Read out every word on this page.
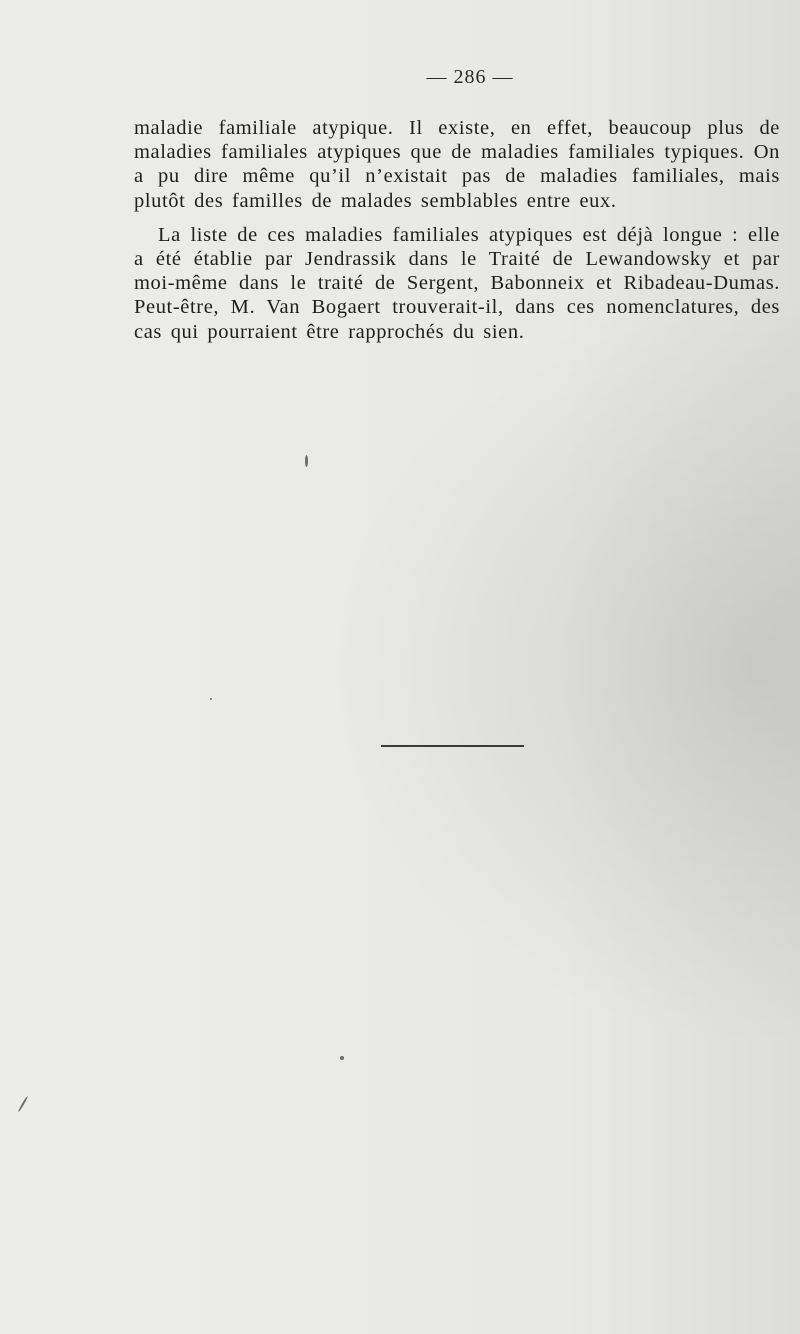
— 286 —

maladie familiale atypique. Il existe, en effet, beaucoup plus de maladies familiales atypiques que de maladies familiales typiques. On a pu dire même qu’il n’existait pas de maladies familiales, mais plutôt des familles de malades semblables entre eux.

La liste de ces maladies familiales atypiques est déjà longue : elle a été établie par Jendrassik dans le Traité de Lewandowsky et par moi-même dans le traité de Sergent, Babonneix et Ribadeau-Dumas. Peut-être, M. Van Bogaert trouverait-il, dans ces nomenclatures, des cas qui pourraient être rapprochés du sien.
